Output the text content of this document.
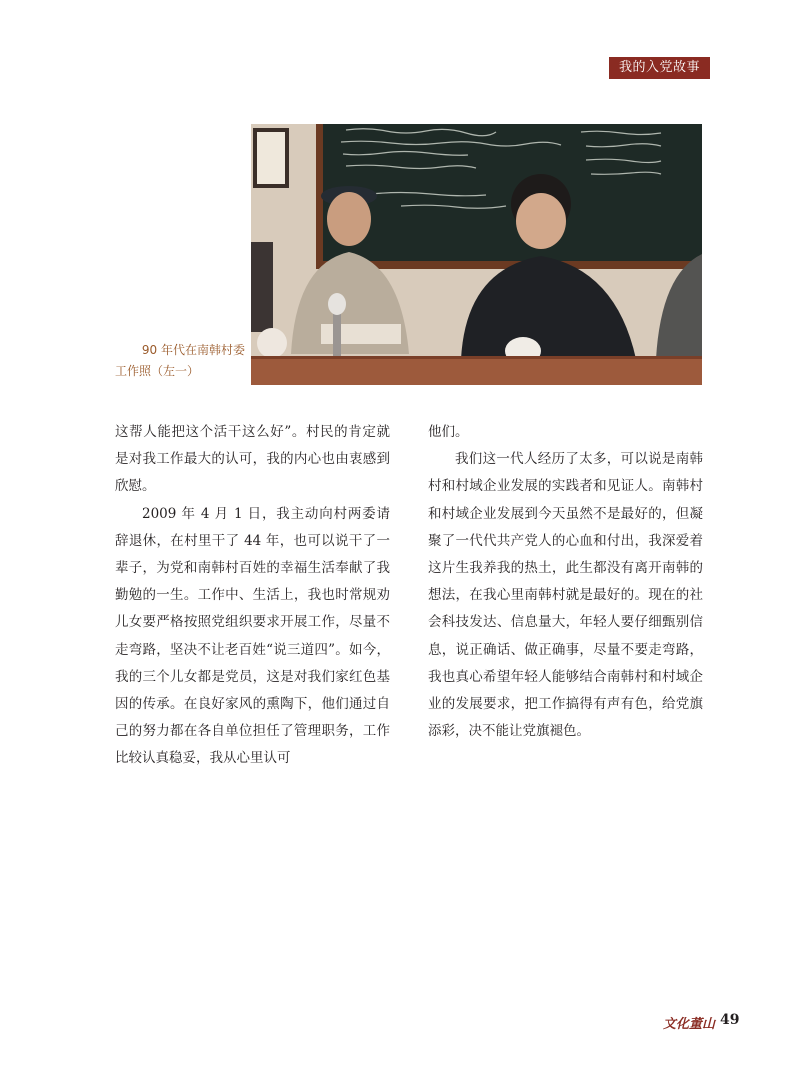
我的入党故事
90 年代在南韩村委
工作照（左一）

这帮人能把这个活干这么好”。村民的肯定就是对我工作最大的认可，我的内心也由衷感到欣慰。

2009 年 4 月 1 日，我主动向村两委请辞退休，在村里干了 44 年，也可以说干了一辈子，为党和南韩村百姓的幸福生活奉献了我勤勉的一生。工作中、生活上，我也时常规劝儿女要严格按照党组织要求开展工作，尽量不走弯路，坚决不让老百姓“说三道四”。如今，我的三个儿女都是党员，这是对我们家红色基因的传承。在良好家风的熏陶下，他们通过自己的努力都在各自单位担任了管理职务，工作比较认真稳妥，我从心里认可

他们。

我们这一代人经历了太多，可以说是南韩村和村域企业发展的实践者和见证人。南韩村和村域企业发展到今天虽然不是最好的，但凝聚了一代代共产党人的心血和付出，我深爱着这片生我养我的热土，此生都没有离开南韩的想法，在我心里南韩村就是最好的。现在的社会科技发达、信息量大，年轻人要仔细甄别信息，说正确话、做正确事，尽量不要走弯路，我也真心希望年轻人能够结合南韩村和村域企业的发展要求，把工作搞得有声有色，给党旗添彩，决不能让党旗褪色。

文化董山 49
